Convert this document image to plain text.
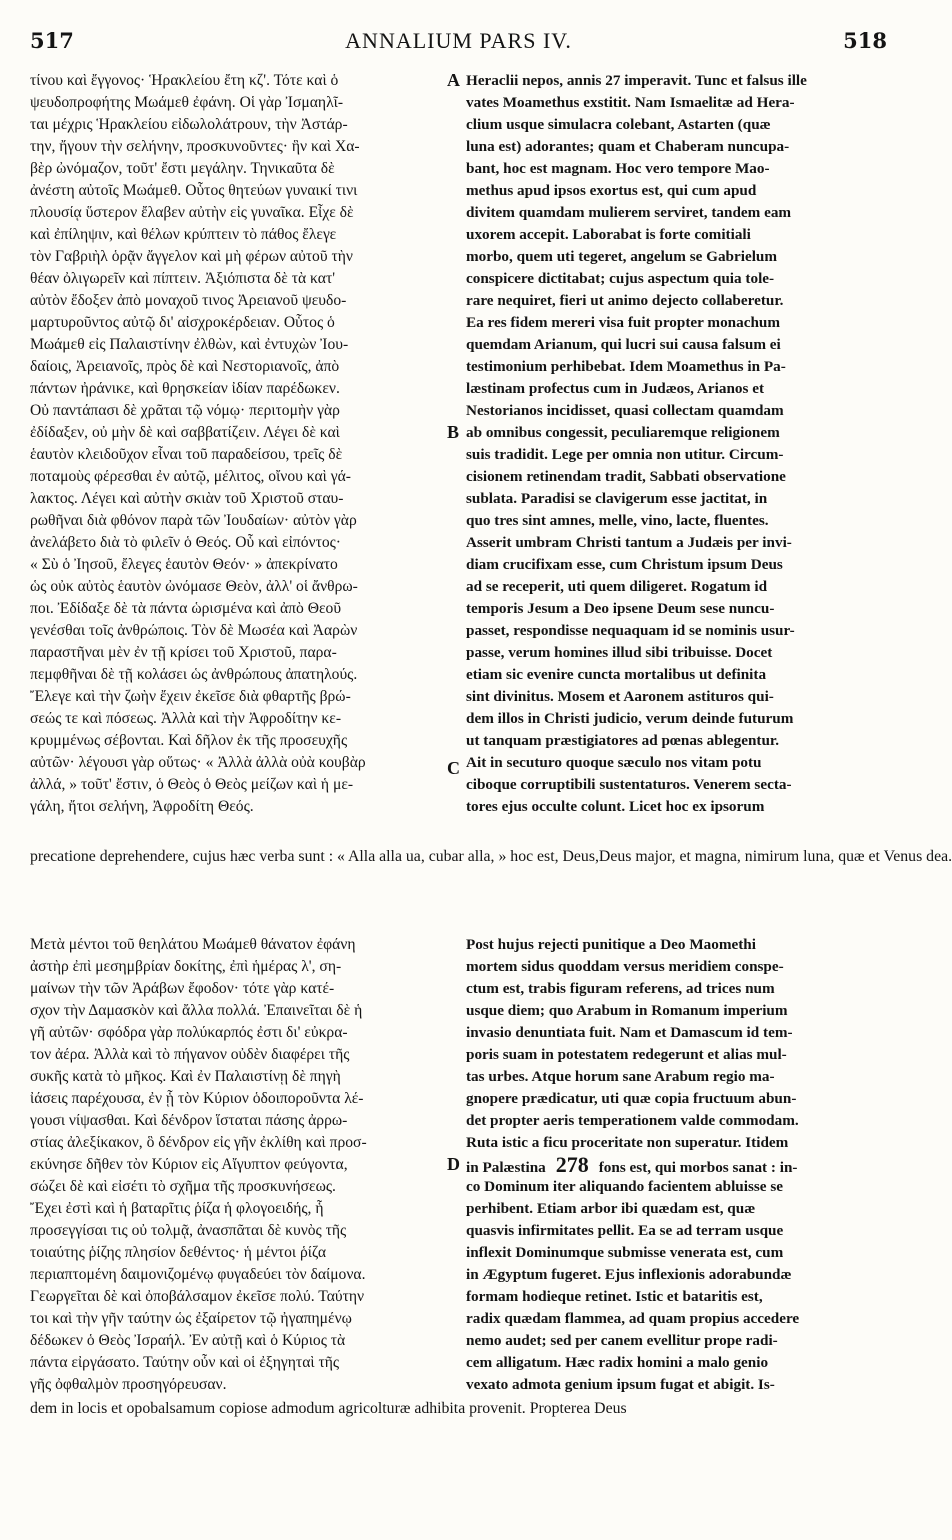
517	ANNALIUM PARS IV.	518
τίνου καὶ ἔγγονος· Ἡρακλείου ἔτη κζ'. Τότε καὶ ὁ
ψευδοπροφήτης Μωάμεθ ἐφάνη. Οἱ γὰρ Ἰσμαηλῖ-
ται μέχρις Ἡρακλείου εἰδωλολάτρουν, τὴν Ἀστάρ-
την, ἤγουν τὴν σελήνην, προσκυνοῦντες· ἣν καὶ Χα-
βὲρ ὠνόμαζον, τοῦτ' ἔστι μεγάλην. Τηνικαῦτα δὲ
ἀνέστη αὐτοῖς Μωάμεθ. Οὗτος θητεύων γυναικί τινι
πλουσίᾳ ὕστερον ἔλαβεν αὐτὴν εἰς γυναῖκα. Εἶχε δὲ
καὶ ἐπίληψιν, καὶ θέλων κρύπτειν τὸ πάθος ἔλεγε
τὸν Γαβριὴλ ὁρᾷν ἄγγελον καὶ μὴ φέρων αὐτοῦ τὴν
θέαν ὀλιγωρεῖν καὶ πίπτειν. Ἀξιόπιστα δὲ τὰ κατ'
αὐτὸν ἔδοξεν ἀπὸ μοναχοῦ τινος Ἀρειανοῦ ψευδο-
μαρτυροῦντος αὐτῷ δι' αἰσχροκέρδειαν. Οὗτος ὁ
Μωάμεθ εἰς Παλαιστίνην ἐλθὼν, καὶ ἐντυχὼν Ἰου-
δαίοις, Ἀρειανοῖς, πρὸς δὲ καὶ Νεστοριανοῖς, ἀπὸ
πάντων ἠράνικε, καὶ θρησκείαν ἰδίαν παρέδωκεν.
Οὐ παντάπασι δὲ χρᾶται τῷ νόμῳ· περιτομὴν γὰρ
ἐδίδαξεν, οὐ μὴν δὲ καὶ σαββατίζειν. Λέγει δὲ καὶ
ἑαυτὸν κλειδοῦχον εἶναι τοῦ παραδείσου, τρεῖς δὲ
ποταμοὺς φέρεσθαι ἐν αὐτῷ, μέλιτος, οἴνου καὶ γά-
λακτος. Λέγει καὶ αὐτὴν σκιὰν τοῦ Χριστοῦ σταυ-
ρωθῆναι διὰ φθόνον παρὰ τῶν Ἰουδαίων· αὐτὸν γὰρ
ἀνελάβετο διὰ τὸ φιλεῖν ὁ Θεός. Οὗ καὶ εἰπόντος·
« Σὺ ὁ Ἰησοῦ, ἔλεγες ἑαυτὸν Θεόν· » ἀπεκρίνατο
ὡς οὐκ αὐτὸς ἑαυτὸν ὠνόμασε Θεὸν, ἀλλ' οἱ ἄνθρω-
ποι. Ἐδίδαξε δὲ τὰ πάντα ὡρισμένα καὶ ἀπὸ Θεοῦ
γενέσθαι τοῖς ἀνθρώποις. Τὸν δὲ Μωσέα καὶ Ἀαρὼν
παραστῆναι μὲν ἐν τῇ κρίσει τοῦ Χριστοῦ, παρα-
πεμφθῆναι δὲ τῇ κολάσει ὡς ἀνθρώπους ἀπατηλούς.
Ἔλεγε καὶ τὴν ζωὴν ἔχειν ἐκεῖσε διὰ φθαρτῆς βρώ-
σεώς τε καὶ πόσεως. Ἀλλὰ καὶ τὴν Ἀφροδίτην κε-
κρυμμένως σέβονται. Καὶ δῆλον ἐκ τῆς προσευχῆς
αὐτῶν· λέγουσι γὰρ οὕτως· « Ἀλλὰ ἀλλὰ οὐὰ κουβὰρ
ἀλλά, » τοῦτ' ἔστιν, ὁ Θεὸς ὁ Θεὸς μείζων καὶ ἡ με-
γάλη, ἤτοι σελήνη, Ἀφροδίτη Θεός.
Heraclii nepos, annis 27 imperavit. Tunc et falsus ille
vates Moamethus exstitit. Nam Ismaelitæ ad Hera-
clium usque simulacra colebant, Astarten (quæ
luna est) adorantes; quam et Chaberam nuncupa-
bant, hoc est magnam. Hoc vero tempore Mao-
methus apud ipsos exortus est, qui cum apud
divitem quamdam mulierem serviret, tandem eam
uxorem accepit. Laborabat is forte comitiali
morbo, quem uti tegeret, angelum se Gabrielum
conspicere dictitabat; cujus aspectum quia tole-
rare nequiret, fieri ut animo dejecto collaberetur.
Ea res fidem mereri visa fuit propter monachum
quemdam Arianum, qui lucri sui causa falsum ei
testimonium perhibebat. Idem Moamethus in Pa-
læstinam profectus cum in Judæos, Arianos et
Nestorianos incidisset, quasi collectam quamdam
ab omnibus congessit, peculiaremque religionem
suis tradidit. Lege per omnia non utitur. Circum-
cisionem retinendam tradit, Sabbati observatione
sublata. Paradisi se clavigerum esse jactitat, in
quo tres sint amnes, melle, vino, lacte, fluentes.
Asserit umbram Christi tantum a Judæis per invi-
diam crucifixam esse, cum Christum ipsum Deus
ad se receperit, uti quem diligeret. Rogatum id
temporis Jesum a Deo ipsene Deum sese nuncu-
passet, respondisse nequaquam id se nominis usur-
passe, verum homines illud sibi tribuisse. Docet
etiam sic evenire cuncta mortalibus ut definita
sint divinitus. Mosem et Aaronem astituros qui-
dem illos in Christi judicio, verum deinde futurum
ut tanquam præstigiatores ad pœnas ablegentur.
Ait in secuturo quoque sæculo nos vitam potu
ciboque corruptibili sustentaturos. Venerem secta-
tores ejus occulte colunt. Licet hoc ex ipsorum
precatione deprehendere, cujus hæc verba sunt : « Alla alla ua, cubar alla, » hoc est, Deus,Deus major, et magna, nimirum luna, quæ et Venus dea.
Μετὰ μέντοι τοῦ θεηλάτου Μωάμεθ θάνατον ἐφάνη
ἀστὴρ ἐπὶ μεσημβρίαν δοκίτης, ἐπὶ ἡμέρας λ', ση-
μαίνων τὴν τῶν Ἀράβων ἔφοδον· τότε γὰρ κατέ-
σχον τὴν Δαμασκὸν καὶ ἄλλα πολλά. Ἐπαινεῖται δὲ ἡ
γῆ αὐτῶν· σφόδρα γὰρ πολύκαρπός ἐστι δι' εὐκρα-
τον ἀέρα. Ἀλλὰ καὶ τὸ πήγανον οὐδὲν διαφέρει τῆς
συκῆς κατὰ τὸ μῆκος. Καὶ ἐν Παλαιστίνῃ δὲ πηγὴ
ἰάσεις παρέχουσα, ἐν ᾗ τὸν Κύριον ὁδοιποροῦντα λέ-
γουσι νίψασθαι. Καὶ δένδρον ἵσταται πάσης ἀρρω-
στίας ἀλεξίκακον, ὃ δένδρον εἰς γῆν ἐκλίθη καὶ προσ-
εκύνησε δῆθεν τὸν Κύριον εἰς Αἴγυπτον φεύγοντα,
σώζει δὲ καὶ εἰσέτι τὸ σχῆμα τῆς προσκυνήσεως.
Ἔχει ἐστὶ καὶ ἡ βαταρῖτις ῥίζα ἡ φλογοειδής, ἧ
προσεγγίσαι τις οὐ τολμᾷ, ἀνασπᾶται δὲ κυνὸς τῆς
τοιαύτης ῥίζης πλησίον δεθέντος· ἡ μέντοι ῥίζα
περιαπτομένη δαιμονιζομένῳ φυγαδεύει τὸν δαίμονα.
Γεωργεῖται δὲ καὶ ὀποβάλσαμον ἐκεῖσε πολύ. Ταύτην
τοι καὶ τὴν γῆν ταύτην ὡς ἐξαίρετον τῷ ἠγαπημένῳ
δέδωκεν ὁ Θεὸς Ἰσραήλ. Ἐν αὐτῇ καὶ ὁ Κύριος τὰ
πάντα εἰργάσατο. Ταύτην οὖν καὶ οἱ ἐξηγηταὶ τῆς
γῆς ὀφθαλμὸν προσηγόρευσαν.
Post hujus rejecti punitique a Deo Maomethi
mortem sidus quoddam versus meridiem conspe-
ctum est, trabis figuram referens, ad trices num
usque diem; quo Arabum in Romanum imperium
invasio denuntiata fuit. Nam et Damascum id tem-
poris suam in potestatem redegerunt et alias mul-
tas urbes. Atque horum sane Arabum regio ma-
gnopere prædicatur, uti quæ copia fructuum abun-
det propter aeris temperationem valde commodam.
Ruta istic a ficu proceritate non superatur. Itidem
in Palæstina 278 fons est, qui morbos sanat : in-
co Dominum iter aliquando facientem abluisse se
perhibent. Etiam arbor ibi quædam est, quæ
quasvis infirmitates pellit. Ea se ad terram usque
inflexit Dominumque submisse venerata est, cum
in Ægyptum fugeret. Ejus inflexionis adorabundæ
formam hodieque retinet. Istic et bataritis est,
radix quædam flammea, ad quam propius accedere
nemo audet; sed per canem evellitur prope radi-
cem alligatum. Hæc radix homini a malo genio
vexato admota genium ipsum fugat et abigit. Is-
dem in locis et opobalsamum copiose admodum agricolturæ adhibita provenit. Propterea Deus
A
B
C
D
